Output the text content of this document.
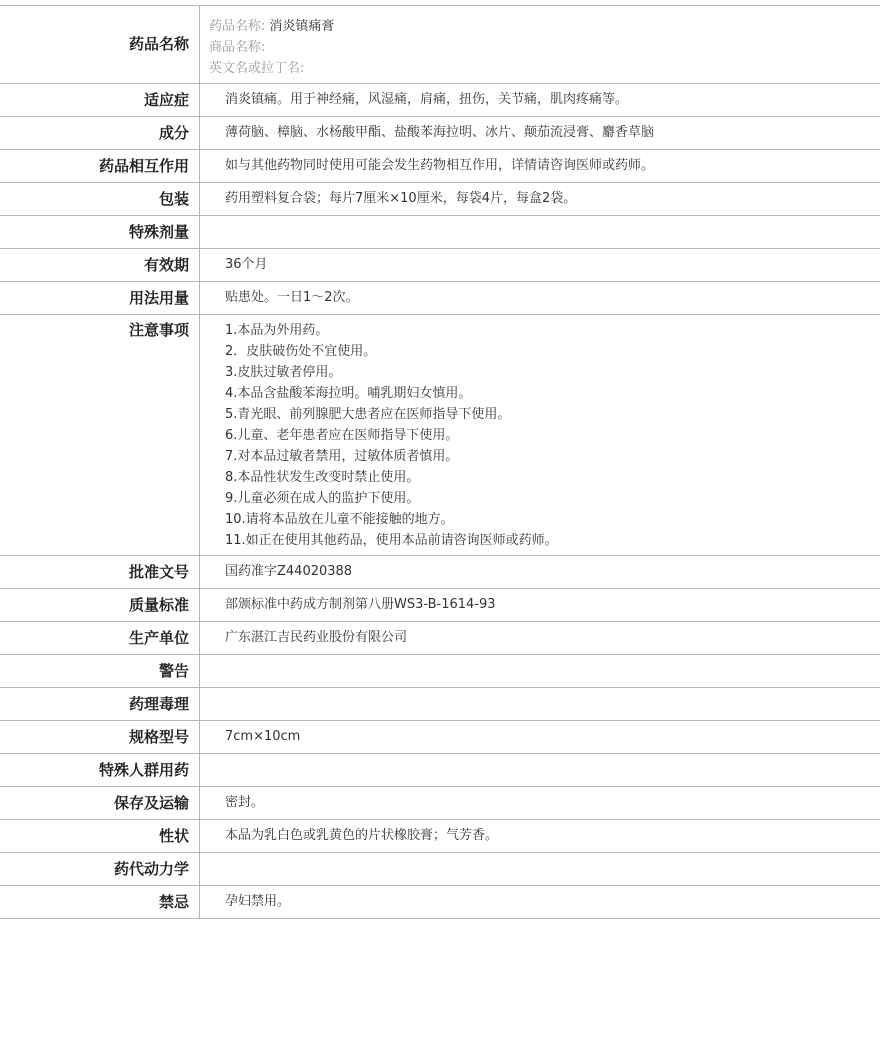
药品名称
药品名称: 消炎镇痛膏
商品名称:
英文名或拉丁名:
适应症	消炎镇痛。用于神经痛，风湿痛，肩痛，扭伤，关节痛，肌肉疼痛等。
成分	薄荷脑、樟脑、水杨酸甲酯、盐酸苯海拉明、冰片、颠茄流浸膏、麝香草脑
药品相互作用	如与其他药物同时使用可能会发生药物相互作用，详情请咨询医师或药师。
包装	药用塑料复合袋；每片7厘米×10厘米，每袋4片，每盒2袋。
特殊剂量
有效期	36个月
用法用量	贴患处。一日1～2次。
注意事项	1.本品为外用药。
2．皮肤破伤处不宜使用。
3.皮肤过敏者停用。
4.本品含盐酸苯海拉明。哺乳期妇女慎用。
5.青光眼、前列腺肥大患者应在医师指导下使用。
6.儿童、老年患者应在医师指导下使用。
7.对本品过敏者禁用，过敏体质者慎用。
8.本品性状发生改变时禁止使用。
9.儿童必须在成人的监护下使用。
10.请将本品放在儿童不能接触的地方。
11.如正在使用其他药品，使用本品前请咨询医师或药师。
批准文号	国药准字Z44020388
质量标准	部颁标准中药成方制剂第八册WS3-B-1614-93
生产单位	广东湛江吉民药业股份有限公司
警告
药理毒理
规格型号	7cm×10cm
特殊人群用药
保存及运输	密封。
性状	本品为乳白色或乳黄色的片状橡胶膏；气芳香。
药代动力学
禁忌	孕妇禁用。
